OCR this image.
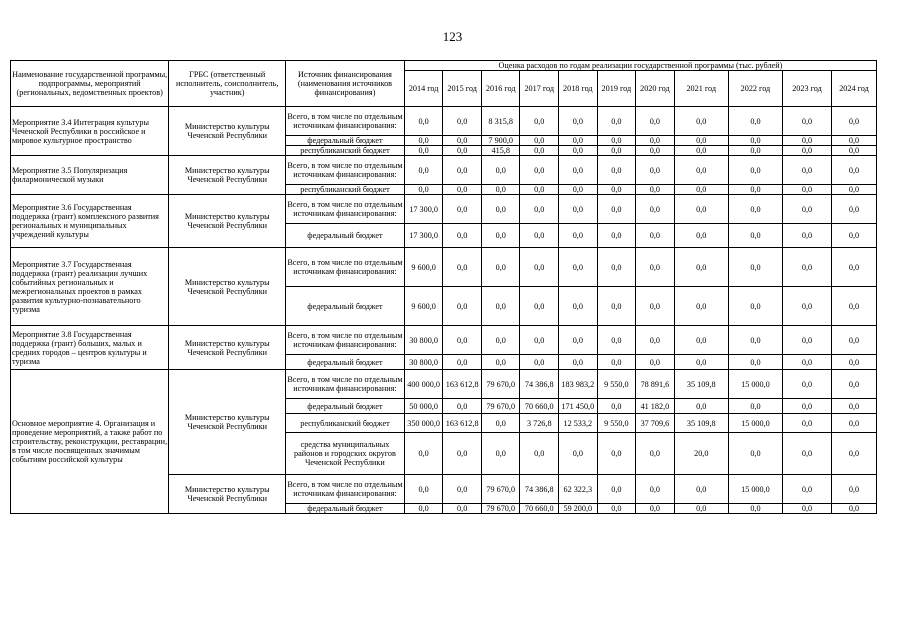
123
Наименование государственной программы, подпрограммы, мероприятий (региональных, ведомственных проектов)	ГРБС (ответственный исполнитель, соисполнитель, участник)	Источник финансирования (наименования источников финансирования)	Оценка расходов по годам реализации государственной программы (тыс. рублей)										
			2014 год	2015 год	2016 год	2017 год	2018 год	2019 год	2020 год	2021 год	2022 год	2023 год	2024 год
Мероприятие 3.4 Интеграция культуры Чеченской Республики в российское и мировое культурное пространство	Министерство культуры Чеченской Республики	Всего, в том числе по отдельным источникам финансирования:	0,0	0,0	8 315,8	0,0	0,0	0,0	0,0	0,0	0,0	0,0	0,0
		федеральный бюджет	0,0	0,0	7 900,0	0,0	0,0	0,0	0,0	0,0	0,0	0,0	0,0
		республиканский бюджет	0,0	0,0	415,8	0,0	0,0	0,0	0,0	0,0	0,0	0,0	0,0
Мероприятие 3.5 Популяризация филармонической музыки	Министерство культуры Чеченской Республики	Всего, в том числе по отдельным источникам финансирования:	0,0	0,0	0,0	0,0	0,0	0,0	0,0	0,0	0,0	0,0	0,0
		республиканский бюджет	0,0	0,0	0,0	0,0	0,0	0,0	0,0	0,0	0,0	0,0	0,0
Мероприятие 3.6 Государственная поддержка (грант) комплексного развития региональных и муниципальных учреждений культуры	Министерство культуры Чеченской Республики	Всего, в том числе по отдельным источникам финансирования:	17 300,0	0,0	0,0	0,0	0,0	0,0	0,0	0,0	0,0	0,0	0,0
		федеральный бюджет	17 300,0	0,0	0,0	0,0	0,0	0,0	0,0	0,0	0,0	0,0	0,0
Мероприятие 3.7 Государственная поддержка (грант) реализации лучших событийных региональных и межрегиональных проектов в рамках развития культурно-познавательного туризма	Министерство культуры Чеченской Республики	Всего, в том числе по отдельным источникам финансирования:	9 600,0	0,0	0,0	0,0	0,0	0,0	0,0	0,0	0,0	0,0	0,0
		федеральный бюджет	9 600,0	0,0	0,0	0,0	0,0	0,0	0,0	0,0	0,0	0,0	0,0
Мероприятие 3.8 Государственная поддержка (грант) больших, малых и средних городов – центров культуры и туризма	Министерство культуры Чеченской Республики	Всего, в том числе по отдельным источникам финансирования:	30 800,0	0,0	0,0	0,0	0,0	0,0	0,0	0,0	0,0	0,0	0,0
		федеральный бюджет	30 800,0	0,0	0,0	0,0	0,0	0,0	0,0	0,0	0,0	0,0	0,0
Основное мероприятие 4. Организация и проведение мероприятий, а также работ по строительству, реконструкции, реставрации, в том числе посвященных значимым событиям российской культуры	Министерство культуры Чеченской Республики	Всего, в том числе по отдельным источникам финансирования:	400 000,0	163 612,8	79 670,0	74 386,8	183 983,2	9 550,0	78 891,6	35 109,8	15 000,0	0,0	0,0
		федеральный бюджет	50 000,0	0,0	79 670,0	70 660,0	171 450,0	0,0	41 182,0	0,0	0,0	0,0	0,0
		республиканский бюджет	350 000,0	163 612,8	0,0	3 726,8	12 533,2	9 550,0	37 709,6	35 109,8	15 000,0	0,0	0,0
		средства муниципальных районов и городских округов Чеченской Республики	0,0	0,0	0,0	0,0	0,0	0,0	0,0	20,0	0,0	0,0	0,0
	Министерство культуры Чеченской Республики	Всего, в том числе по отдельным источникам финансирования:	0,0	0,0	79 670,0	74 386,8	62 322,3	0,0	0,0	0,0	15 000,0	0,0	0,0
		федеральный бюджет	0,0	0,0	79 670,0	70 660,0	59 200,0	0,0	0,0	0,0	0,0	0,0	0,0
